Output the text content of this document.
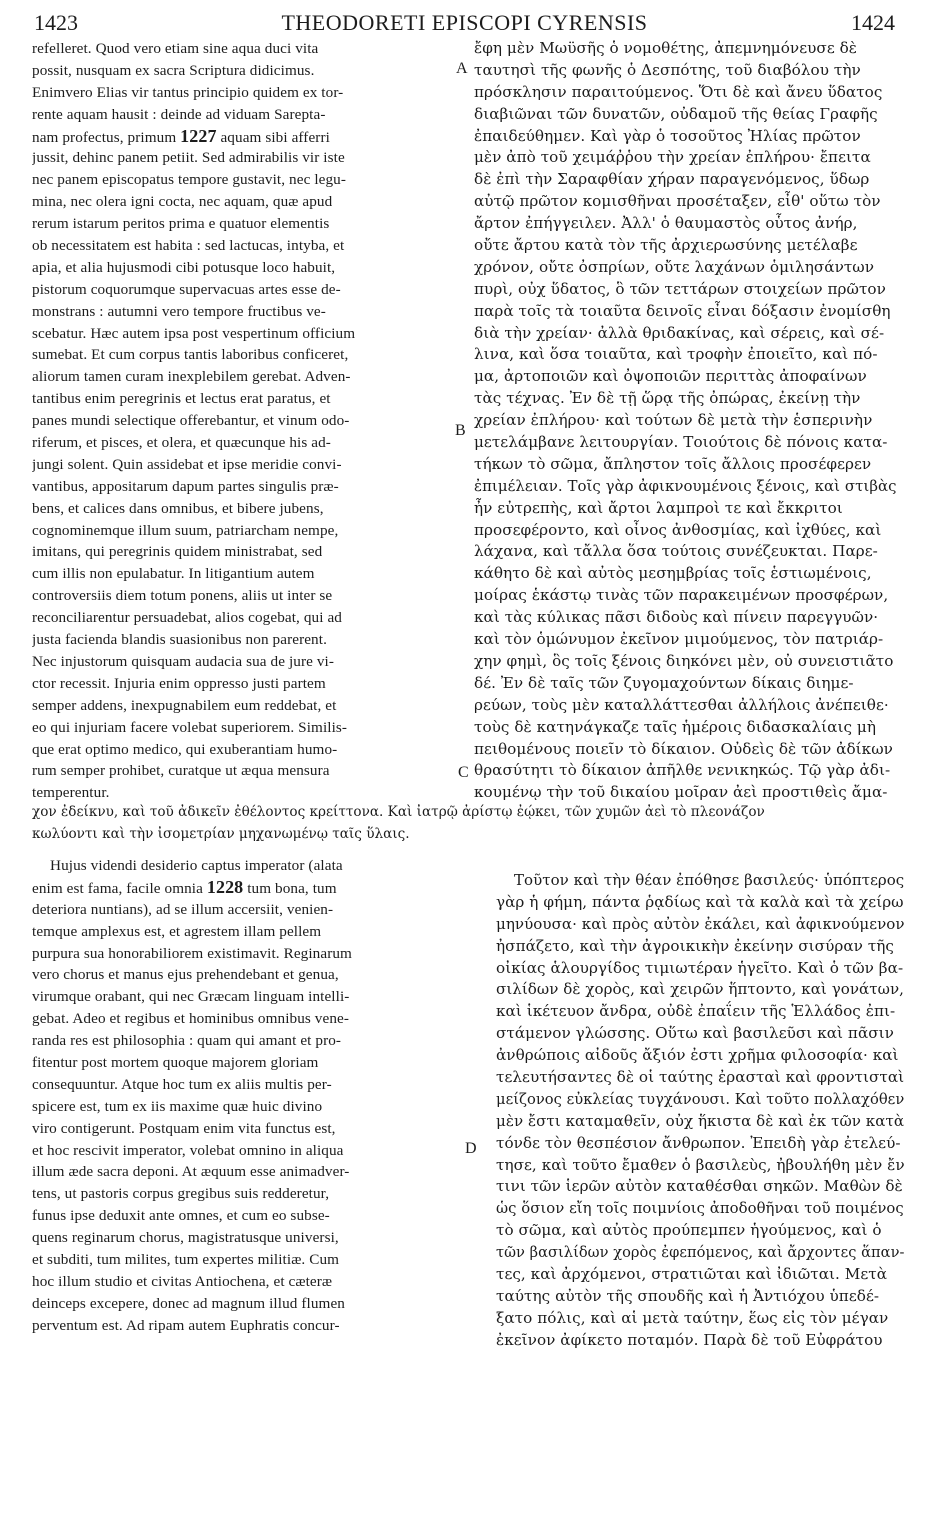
1423	THEODORETI EPISCOPI CYRENSIS	1424
refelleret. Quod vero etiam sine aqua duci vita
possit, nusquam ex sacra Scriptura didicimus.
Enimvero Elias vir tantus principio quidem ex tor-
rente aquam hausit : deinde ad viduam Sarepta-
nam profectus, primum 1227 aquam sibi afferri
jussit, dehinc panem petiit. Sed admirabilis vir iste
nec panem episcopatus tempore gustavit, nec legu-
mina, nec olera igni cocta, nec aquam, quæ apud
rerum istarum peritos prima e quatuor elementis
ob necessitatem est habita : sed lactucas, intyba, et
apia, et alia hujusmodi cibi potusque loco habuit,
pistorum coquorumque supervacuas artes esse de-
monstrans : autumni vero tempore fructibus ve-
scebatur. Hæc autem ipsa post vespertinum officium
sumebat. Et cum corpus tantis laboribus conficeret,
aliorum tamen curam inexplebilem gerebat. Adven-
tantibus enim peregrinis et lectus erat paratus, et
panes mundi selectique offerebantur, et vinum odo-
riferum, et pisces, et olera, et quæcunque his ad-
jungi solent. Quin assidebat et ipse meridie convi-
vantibus, appositarum dapum partes singulis præ-
bens, et calices dans omnibus, et bibere jubens,
cognominemque illum suum, patriarcham nempe,
imitans, qui peregrinis quidem ministrabat, sed
cum illis non epulabatur. In litigantium autem
controversiis diem totum ponens, aliis ut inter se
reconciliarentur persuadebat, alios cogebat, qui ad
justa facienda blandis suasionibus non parerent.
Nec injustorum quisquam audacia sua de jure vi-
ctor recessit. Injuria enim oppresso justi partem
semper addens, inexpugnabilem eum reddebat, et
eo qui injuriam facere volebat superiorem. Similis-
que erat optimo medico, qui exuberantiam humo-
rum semper prohibet, curatque ut æqua mensura
temperentur.
ἔφη μὲν Μωϋσῆς ὁ νομοθέτης, ἀπεμνημόνευσε δὲ
ταυτησὶ τῆς φωνῆς ὁ Δεσπότης, τοῦ διαβόλου τὴν
πρόσκλησιν παραιτούμενος. Ὅτι δὲ καὶ ἄνευ ὕδατος
διαβιῶναι τῶν δυνατῶν, οὐδαμοῦ τῆς θείας Γραφῆς
ἐπαιδεύθημεν. Καὶ γὰρ ὁ τοσοῦτος Ἠλίας πρῶτον
μὲν ἀπὸ τοῦ χειμάῤῥου τὴν χρείαν ἐπλήρου· ἔπειτα
δὲ ἐπὶ τὴν Σαραφθίαν χήραν παραγενόμενος, ὕδωρ
αὐτῷ πρῶτον κομισθῆναι προσέταξεν, εἶθ' οὕτω τὸν
ἄρτον ἐπήγγειλεν. Ἀλλ' ὁ θαυμαστὸς οὗτος ἀνήρ,
οὔτε ἄρτου κατὰ τὸν τῆς ἀρχιερωσύνης μετέλαβε
χρόνον, οὔτε ὀσπρίων, οὔτε λαχάνων ὁμιλησάντων
πυρὶ, οὐχ ὕδατος, ὃ τῶν τεττάρων στοιχείων πρῶτον
παρὰ τοῖς τὰ τοιαῦτα δεινοῖς εἶναι δόξασιν ἐνομίσθη
διὰ τὴν χρείαν· ἀλλὰ θριδακίνας, καὶ σέρεις, καὶ σέ-
λινα, καὶ ὅσα τοιαῦτα, καὶ τροφὴν ἐποιεῖτο, καὶ πό-
μα, ἀρτοποιῶν καὶ ὀψοποιῶν περιττὰς ἀποφαίνων
τὰς τέχνας. Ἐν δὲ τῇ ὥρᾳ τῆς ὀπώρας, ἐκείνῃ τὴν
χρείαν ἐπλήρου· καὶ τούτων δὲ μετὰ τὴν ἑσπερινὴν
μετελάμβανε λειτουργίαν. Τοιούτοις δὲ πόνοις κατα-
τήκων τὸ σῶμα, ἄπληστον τοῖς ἄλλοις προσέφερεν
ἐπιμέλειαν. Τοῖς γὰρ ἀφικνουμένοις ξένοις, καὶ στιβὰς
ἦν εὐτρεπὴς, καὶ ἄρτοι λαμπροὶ τε καὶ ἔκκριτοι
προσεφέροντο, καὶ οἶνος ἀνθοσμίας, καὶ ἰχθύες, καὶ
λάχανα, καὶ τἄλλα ὅσα τούτοις συνέζευκται. Παρε-
κάθητο δὲ καὶ αὐτὸς μεσημβρίας τοῖς ἑστιωμένοις,
μοίρας ἑκάστῳ τινὰς τῶν παρακειμένων προσφέρων,
καὶ τὰς κύλικας πᾶσι διδοὺς καὶ πίνειν παρεγγυῶν·
καὶ τὸν ὁμώνυμον ἐκεῖνον μιμούμενος, τὸν πατριάρ-
χην φημὶ, ὃς τοῖς ξένοις διηκόνει μὲν, οὐ συνειστιᾶτο
δέ. Ἐν δὲ ταῖς τῶν ζυγομαχούντων δίκαις διημε-
ρεύων, τοὺς μὲν καταλλάττεσθαι ἀλλήλοις ἀνέπειθε·
τοὺς δὲ κατηνάγκαζε ταῖς ἡμέροις διδασκαλίαις μὴ
πειθομένους ποιεῖν τὸ δίκαιον. Οὐδεὶς δὲ τῶν ἀδίκων
θρασύτητι τὸ δίκαιον ἀπῆλθε νενικηκώς. Τῷ γὰρ ἀδι-
κουμένῳ τὴν τοῦ δικαίου μοῖραν ἀεὶ προστιθεὶς ἄμα-
χον ἐδείκνυ, καὶ τοῦ ἀδικεῖν ἐθέλοντος κρείττονα. Καὶ ἰατρῷ ἀρίστῳ ἐῴκει, τῶν χυμῶν ἀεὶ τὸ πλεονάζον
κωλύοντι καὶ τὴν ἰσομετρίαν μηχανωμένῳ ταῖς ὕλαις.
Hujus videndi desiderio captus imperator (alata
enim est fama, facile omnia 1228 tum bona, tum
deteriora nuntians), ad se illum accersiit, venien-
temque amplexus est, et agrestem illam pellem
purpura sua honorabiliorem existimavit. Reginarum
vero chorus et manus ejus prehendebant et genua,
virumque orabant, qui nec Græcam linguam intelli-
gebat. Adeo et regibus et hominibus omnibus vene-
randa res est philosophia : quam qui amant et pro-
fitentur post mortem quoque majorem gloriam
consequuntur. Atque hoc tum ex aliis multis per-
spicere est, tum ex iis maxime quæ huic divino
viro contigerunt. Postquam enim vita functus est,
et hoc rescivit imperator, volebat omnino in aliqua
illum æde sacra deponi. At æquum esse animadver-
tens, ut pastoris corpus gregibus suis redderetur,
funus ipse deduxit ante omnes, et cum eo subse-
quens reginarum chorus, magistratusque universi,
et subditi, tum milites, tum expertes militiæ. Cum
hoc illum studio et civitas Antiochena, et cæteræ
deinceps excepere, donec ad magnum illud flumen
perventum est. Ad ripam autem Euphratis concur-
Τοῦτον καὶ τὴν θέαν ἐπόθησε βασιλεύς· ὑπόπτερος
γὰρ ἡ φήμη, πάντα ῥᾳδίως καὶ τὰ καλὰ καὶ τὰ χείρω
μηνύουσα· καὶ πρὸς αὐτὸν ἐκάλει, καὶ ἀφικνούμενον
ἠσπάζετο, καὶ τὴν ἀγροικικὴν ἐκείνην σισύραν τῆς
οἰκίας ἁλουργίδος τιμιωτέραν ἡγεῖτο. Καὶ ὁ τῶν βα-
σιλίδων δὲ χορὸς, καὶ χειρῶν ἥπτοντο, καὶ γονάτων,
καὶ ἱκέτευον ἄνδρα, οὐδὲ ἐπαΐειν τῆς Ἑλλάδος ἐπι-
στάμενον γλώσσης. Οὕτω καὶ βασιλεῦσι καὶ πᾶσιν
ἀνθρώποις αἰδοῦς ἄξιόν ἐστι χρῆμα φιλοσοφία· καὶ
τελευτήσαντες δὲ οἱ ταύτης ἐρασταὶ καὶ φροντισταὶ
μείζονος εὐκλείας τυγχάνουσι. Καὶ τοῦτο πολλαχόθεν
μὲν ἔστι καταμαθεῖν, οὐχ ἥκιστα δὲ καὶ ἐκ τῶν κατὰ
τόνδε τὸν θεσπέσιον ἄνθρωπον. Ἐπειδὴ γὰρ ἐτελεύ-
τησε, καὶ τοῦτο ἔμαθεν ὁ βασιλεὺς, ἠβουλήθη μὲν ἔν
τινι τῶν ἱερῶν αὐτὸν καταθέσθαι σηκῶν. Μαθὼν δὲ
ὡς ὅσιον εἴη τοῖς ποιμνίοις ἀποδοθῆναι τοῦ ποιμένος
τὸ σῶμα, καὶ αὐτὸς προύπεμπεν ἡγούμενος, καὶ ὁ
τῶν βασιλίδων χορὸς ἐφεπόμενος, καὶ ἄρχοντες ἅπαν-
τες, καὶ ἀρχόμενοι, στρατιῶται καὶ ἰδιῶται. Μετὰ
ταύτης αὐτὸν τῆς σπουδῆς καὶ ἡ Ἀντιόχου ὑπεδέ-
ξατο πόλις, καὶ αἱ μετὰ ταύτην, ἕως εἰς τὸν μέγαν
ἐκεῖνον ἀφίκετο ποταμόν. Παρὰ δὲ τοῦ Εὐφράτου
A
B
C
D
